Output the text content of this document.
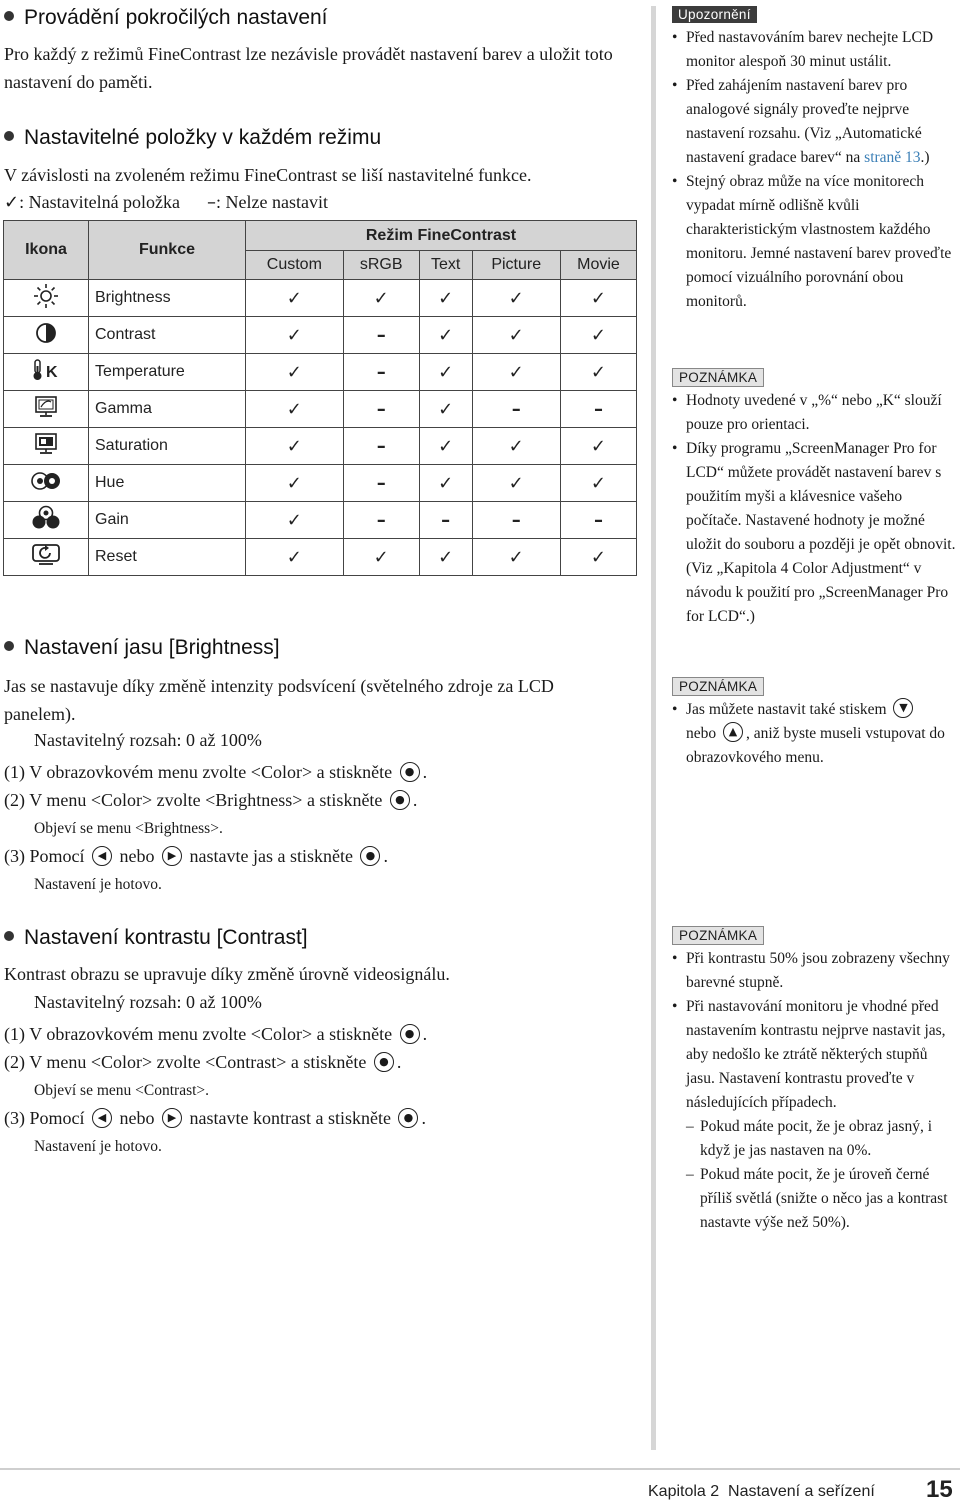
Provádění pokročilých nastavení
Pro každý z režimů FineContrast lze nezávisle provádět nastavení barev a uložit toto nastavení do paměti.
Nastavitelné položky v každém režimu
V závislosti na zvoleném režimu FineContrast se liší nastavitelné funkce.
✓: Nastavitelná položka –: Nelze nastavit
Ikona	Funkce	Režim FineContrast				
		Custom	sRGB	Text	Picture	Movie
	Brightness	✓	✓	✓	✓	✓
	Contrast	✓	–	✓	✓	✓

K	Temperature	✓	–	✓	✓	✓
	Gamma	✓	–	✓	–	–
	Saturation	✓	–	✓	✓	✓
	Hue	✓	–	✓	✓	✓
	Gain	✓	–	–	–	–
	Reset	✓	✓	✓	✓	✓
Nastavení jasu [Brightness]
Jas se nastavuje díky změně intenzity podsvícení (světelného zdroje za LCD panelem).
Nastavitelný rozsah: 0 až 100%
(1) V obrazovkovém menu zvolte <Color> a stiskněte ● .
(2) V menu <Color> zvolte <Brightness> a stiskněte ● .
Objeví se menu <Brightness>.
(3) Pomocí ◀ nebo ▶ nastavte jas a stiskněte ● .
Nastavení je hotovo.
Nastavení kontrastu [Contrast]
Kontrast obrazu se upravuje díky změně úrovně videosignálu.
Nastavitelný rozsah: 0 až 100%
(1) V obrazovkovém menu zvolte <Color> a stiskněte ● .
(2) V menu <Color> zvolte <Contrast> a stiskněte ● .
Objeví se menu <Contrast>.
(3) Pomocí ◀ nebo ▶ nastavte kontrast a stiskněte ● .
Nastavení je hotovo.
Upozornění
• Před nastavováním barev nechejte LCD monitor alespoň 30 minut ustálit.
• Před zahájením nastavení barev pro analogové signály proveďte nejprve nastavení rozsahu. (Viz „Automatické nastavení gradace barev“ na straně 13.)
• Stejný obraz může na více monitorech vypadat mírně odlišně kvůli charakteristickým vlastnostem každého monitoru. Jemné nastavení barev proveďte pomocí vizuálního porovnání obou monitorů.
POZNÁMKA
• Hodnoty uvedené v „%“ nebo „K“ slouží pouze pro orientaci.
• Díky programu „ScreenManager Pro for LCD“ můžete provádět nastavení barev s použitím myši a klávesnice vašeho počítače. Nastavené hodnoty je možné uložit do souboru a později je opět obnovit. (Viz „Kapitola 4 Color Adjustment“ v návodu k použití pro „ScreenManager Pro for LCD“.)
POZNÁMKA
• Jas můžete nastavit také stiskem ▼
nebo ▲ , aniž byste museli vstupovat do obrazovkového menu.
POZNÁMKA
• Při kontrastu 50% jsou zobrazeny všechny barevné stupně.
• Při nastavování monitoru je vhodné před nastavením kontrastu nejprve nastavit jas, aby nedošlo ke ztrátě některých stupňů jasu. Nastavení kontrastu proveďte v následujících případech.
– Pokud máte pocit, že je obraz jasný, i když je jas nastaven na 0%.
– Pokud máte pocit, že je úroveň černé příliš světlá (snižte o něco jas a kontrast nastavte výše než 50%).
Kapitola 2  Nastavení a seřízení 15
